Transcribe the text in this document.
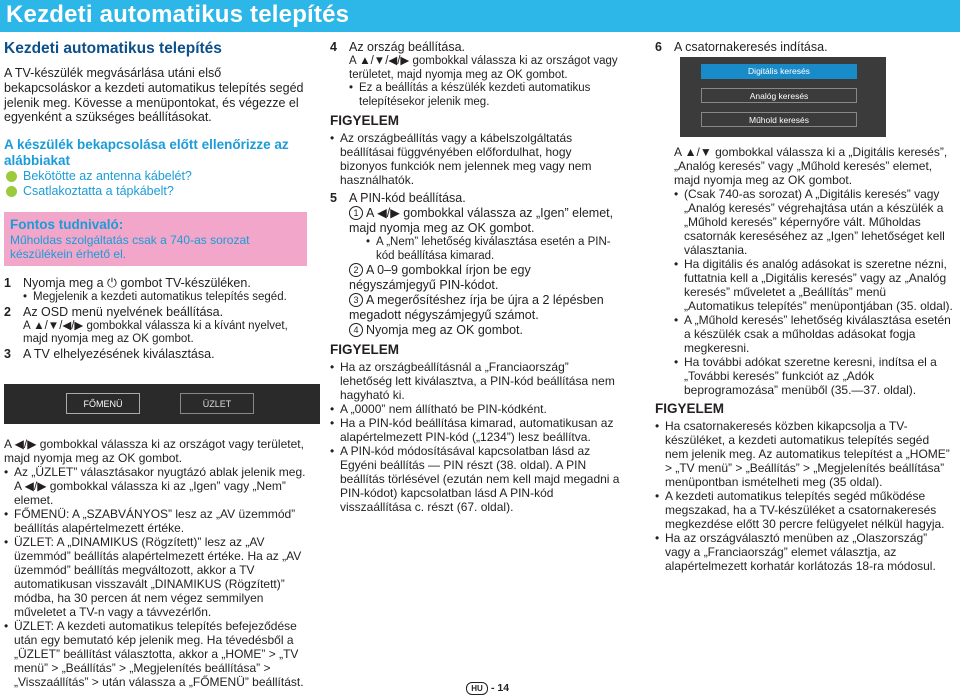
Kezdeti automatikus telepítés
Kezdeti automatikus telepítés
A TV-készülék megvásárlása utáni első bekapcsoláskor a kezdeti automatikus telepítés segéd jelenik meg. Kövesse a menüpontokat, és végezze el egyenként a szükséges beállításokat.
A készülék bekapcsolása előtt ellenőrizze az alábbiakat
Bekötötte az antenna kábelét?
Csatlakoztatta a tápkábelt?
Fontos tudnivaló:
Műholdas szolgáltatás csak a 740-as sorozat készülékein érhető el.
1 Nyomja meg a ⏻ gombot TV-készüléken.
• Megjelenik a kezdeti automatikus telepítés segéd.
2 Az OSD menü nyelvének beállítása.
A ▲/▼/◀/▶ gombokkal válassza ki a kívánt nyelvet, majd nyomja meg az OK gombot.
3 A TV elhelyezésének kiválasztása.
FŐMENÜ	ÜZLET
A ◀/▶ gombokkal válassza ki az országot vagy területet, majd nyomja meg az OK gombot.
• Az „ÜZLET” választásakor nyugtázó ablak jelenik meg. A ◀/▶ gombokkal válassza ki az „Igen” vagy „Nem” elemet.
• FŐMENÜ: A „SZABVÁNYOS” lesz az „AV üzemmód” beállítás alapértelmezett értéke.
• ÜZLET: A „DINAMIKUS (Rögzített)” lesz az „AV üzemmód” beállítás alapértelmezett értéke. Ha az „AV üzemmód” beállítás megváltozott, akkor a TV automatikusan visszavált „DINAMIKUS (Rögzített)” módba, ha 30 percen át nem végez semmilyen műveletet a TV-n vagy a távvezérlőn.
• ÜZLET: A kezdeti automatikus telepítés befejeződése után egy bemutató kép jelenik meg. Ha tévedésből a „ÜZLET” beállítást választotta, akkor a „HOME” > „TV menü” > „Beállítás” > „Megjelenítés beállítása” > „Visszaállítás” > után válassza a „FŐMENÜ” beállítást.
4 Az ország beállítása.
A ▲/▼/◀/▶ gombokkal válassza ki az országot vagy területet, majd nyomja meg az OK gombot.
• Ez a beállítás a készülék kezdeti automatikus telepítésekor jelenik meg.
FIGYELEM
• Az országbeállítás vagy a kábelszolgáltatás beállításai függvényében előfordulhat, hogy bizonyos funkciók nem jelennek meg vagy nem használhatók.
5 A PIN-kód beállítása.
1 A ◀/▶ gombokkal válassza az „Igen” elemet, majd nyomja meg az OK gombot.
• A „Nem” lehetőség kiválasztása esetén a PIN-kód beállítása kimarad.
2 A 0–9 gombokkal írjon be egy négyszámjegyű PIN-kódot.
3 A megerősítéshez írja be újra a 2 lépésben megadott négyszámjegyű számot.
4 Nyomja meg az OK gombot.
FIGYELEM
• Ha az országbeállításnál a „Franciaország” lehetőség lett kiválasztva, a PIN-kód beállítása nem hagyható ki.
• A „0000” nem állítható be PIN-kódként.
• Ha a PIN-kód beállítása kimarad, automatikusan az alapértelmezett PIN-kód („1234”) lesz beállítva.
• A PIN-kód módosításával kapcsolatban lásd az Egyéni beállítás — PIN részt (38. oldal). A PIN beállítás törlésével (ezután nem kell majd megadni a PIN-kódot) kapcsolatban lásd A PIN-kód visszaállítása c. részt (67. oldal).
6 A csatornakeresés indítása.
Digitális keresés
Analóg keresés
Műhold keresés
A ▲/▼ gombokkal válassza ki a „Digitális keresés”, „Analóg keresés” vagy „Műhold keresés” elemet, majd nyomja meg az OK gombot.
• (Csak 740-as sorozat) A „Digitális keresés” vagy „Analóg keresés” végrehajtása után a készülék a „Műhold keresés” képernyőre vált. Műholdas csatornák kereséséhez az „Igen” lehetőséget kell választania.
• Ha digitális és analóg adásokat is szeretne nézni, futtatnia kell a „Digitális keresés” vagy az „Analóg keresés” műveletet a „Beállítás” menü „Automatikus telepítés” menüpontjában (35. oldal).
• A „Műhold keresés” lehetőség kiválasztása esetén a készülék csak a műholdas adásokat fogja megkeresni.
• Ha további adókat szeretne keresni, indítsa el a „További keresés” funkciót az „Adók beprogramozása” menüből (35.—37. oldal).
FIGYELEM
• Ha csatornakeresés közben kikapcsolja a TV-készüléket, a kezdeti automatikus telepítés segéd nem jelenik meg. Az automatikus telepítést a „HOME” > „TV menü” > „Beállítás” > „Megjelenítés beállítása” menüpontban ismételheti meg (35 oldal).
• A kezdeti automatikus telepítés segéd működése megszakad, ha a TV-készüléket a csatornakeresés megkezdése előtt 30 percre felügyelet nélkül hagyja.
• Ha az országválasztó menüben az „Olaszország” vagy a „Franciaország” elemet választja, az alapértelmezett korhatár korlátozás 18-ra módosul.
HU - 14
